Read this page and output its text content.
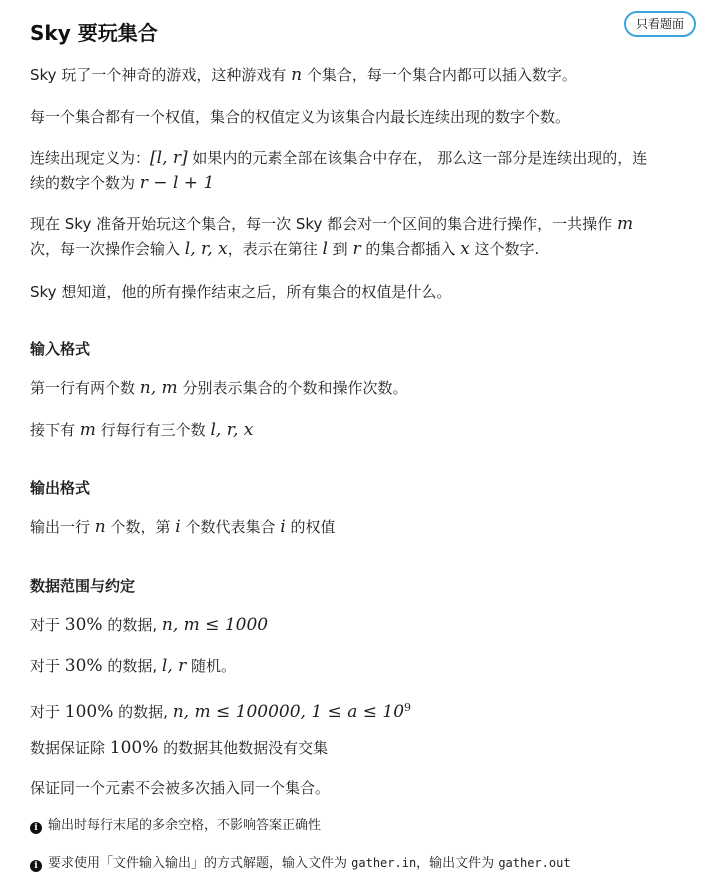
Sky 要玩集合	只看题面

Sky 玩了一个神奇的游戏，这种游戏有 n 个集合，每一个集合内都可以插入数字。

每一个集合都有一个权值，集合的权值定义为该集合内最长连续出现的数字个数。

连续出现定义为：[l, r] 如果内的元素全部在该集合中存在， 那么这一部分是连续出现的，连
续的数字个数为 r − l + 1

现在 Sky 准备开始玩这个集合，每一次 Sky 都会对一个区间的集合进行操作，一共操作 m
次，每一次操作会输入 l, r, x，表示在第往 l 到 r 的集合都插入 x 这个数字.

Sky 想知道，他的所有操作结束之后，所有集合的权值是什么。

输入格式

第一行有两个数 n, m 分别表示集合的个数和操作次数。

接下有 m 行每行有三个数 l, r, x

输出格式

输出一行 n 个数，第 i 个数代表集合 i 的权值

数据范围与约定

对于 30% 的数据, n, m ≤ 1000

对于 30% 的数据, l, r 随机。

对于 100% 的数据, n, m ≤ 100000, $1 \le a \le 10^9$

数据保证除 100% 的数据其他数据没有交集

保证同一个元素不会被多次插入同一个集合。

i 输出时每行末尾的多余空格，不影响答案正确性

i 要求使用「文件输入输出」的方式解题，输入文件为 gather.in，输出文件为 gather.out
